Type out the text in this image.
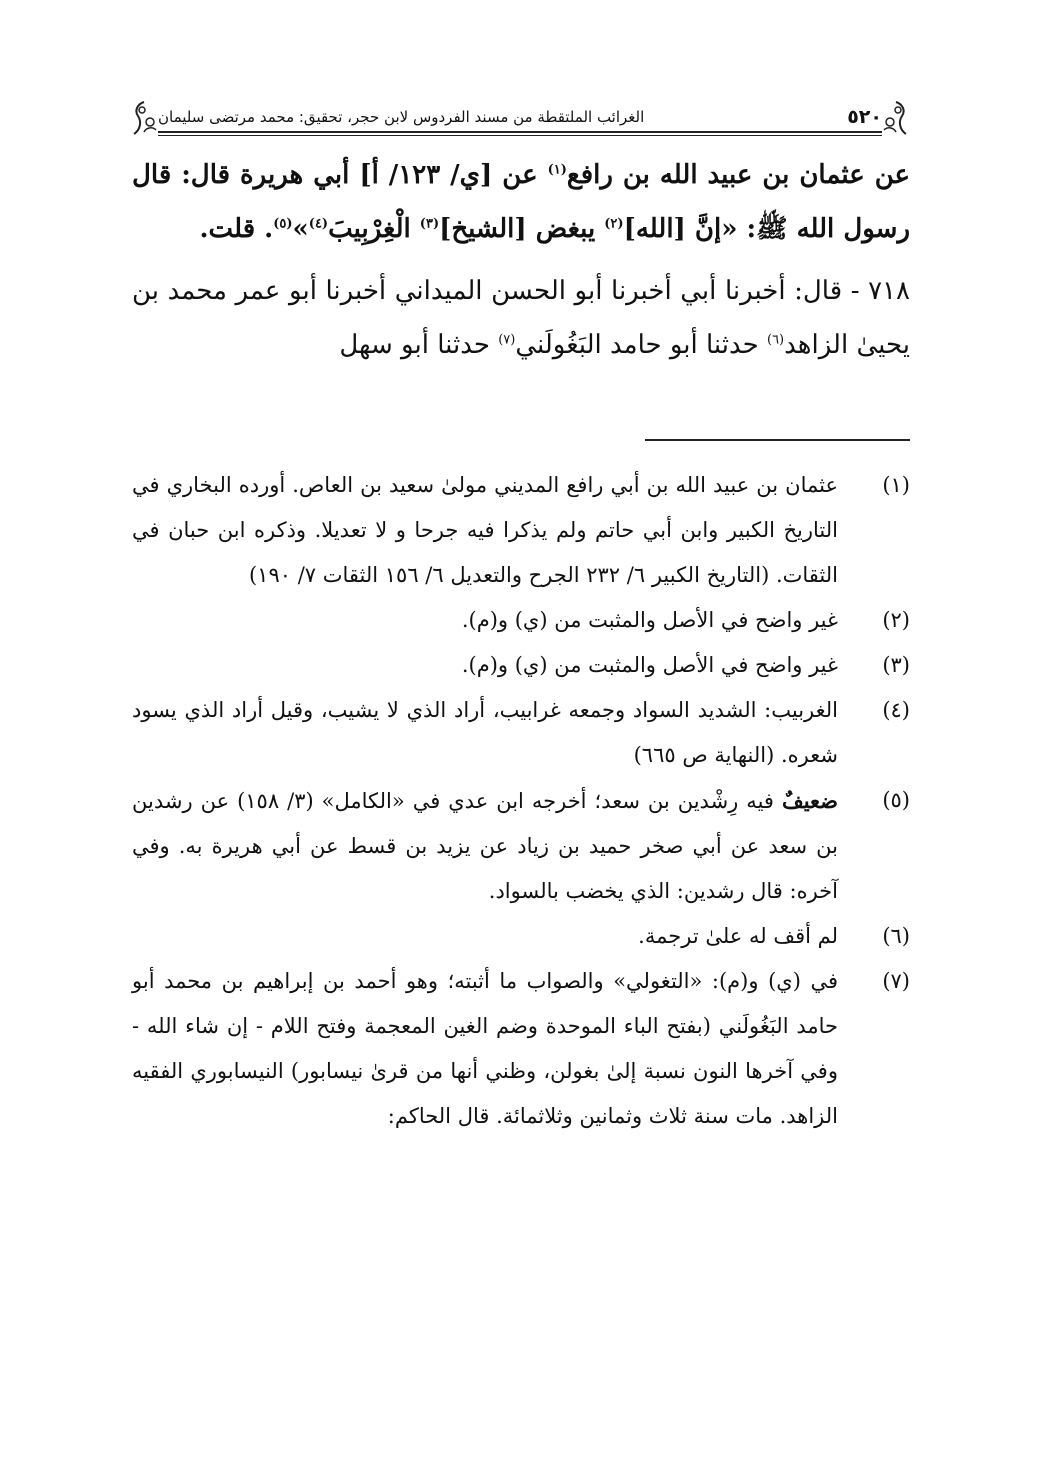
٥٢٠
الغرائب الملتقطة من مسند الفردوس لابن حجر، تحقيق: محمد مرتضى سليمان

عن عثمان بن عبيد الله بن رافع$^{(١)}$ عن [ي/ ١٢٣/ أ] أبي هريرة قال: قال رسول الله ﷺ: «إنَّ [الله]$^{(٢)}$ يبغض [الشيخ]$^{(٣)}$ الْغِرْبِيبَ$^{(٤)}$»$^{(٥)}$. قلت.

٧١٨ - قال: أخبرنا أبي أخبرنا أبو الحسن الميداني أخبرنا أبو عمر محمد بن يحيىٰ الزاهد$^{(٦)}$ حدثنا أبو حامد البَغُولَني$^{(٧)}$ حدثنا أبو سهل

(١)
عثمان بن عبيد الله بن أبي رافع المديني مولىٰ سعيد بن العاص. أورده البخاري في التاريخ الكبير وابن أبي حاتم ولم يذكرا فيه جرحا و لا تعديلا. وذكره ابن حبان في الثقات. (التاريخ الكبير ٦/ ٢٣٢ الجرح والتعديل ٦/ ١٥٦ الثقات ٧/ ١٩٠)

(٢)
غير واضح في الأصل والمثبت من (ي) و(م).

(٣)
غير واضح في الأصل والمثبت من (ي) و(م).

(٤)
الغربيب: الشديد السواد وجمعه غرابيب، أراد الذي لا يشيب، وقيل أراد الذي يسود شعره. (النهاية ص ٦٦٥)

(٥)
ضعيفٌ فيه رِشْدين بن سعد؛ أخرجه ابن عدي في «الكامل» (٣/ ١٥٨) عن رشدين بن سعد عن أبي صخر حميد بن زياد عن يزيد بن قسط عن أبي هريرة به. وفي آخره: قال رشدين: الذي يخضب بالسواد.

(٦)
لم أقف له علىٰ ترجمة.

(٧)
في (ي) و(م): «التغولي» والصواب ما أثبته؛ وهو أحمد بن إبراهيم بن محمد أبو حامد البَغُولَني (بفتح الباء الموحدة وضم الغين المعجمة وفتح اللام - إن شاء الله - وفي آخرها النون نسبة إلىٰ بغولن، وظني أنها من قرىٰ نيسابور) النيسابوري الفقيه الزاهد. مات سنة ثلاث وثمانين وثلاثمائة. قال الحاكم:
